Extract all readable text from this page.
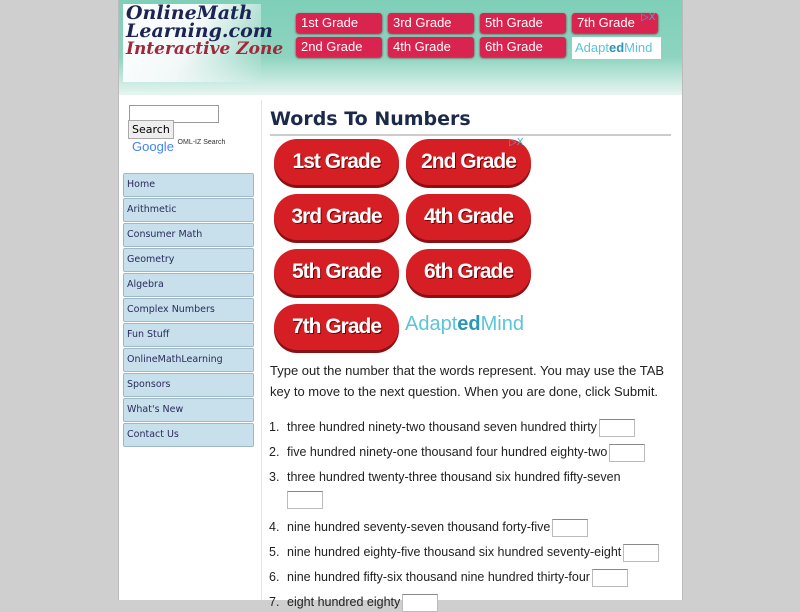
OnlineMath
Learning.com
Interactive Zone
1st Grade	3rd Grade	5th Grade	7th Grade
2nd Grade	4th Grade	6th Grade	AdaptedMind
▷X
Search
Google $^{OML-IZ Search}$
Home
Arithmetic
Consumer Math
Geometry
Algebra
Complex Numbers
Fun Stuff
OnlineMathLearning
Sponsors
What's New
Contact Us
Words To Numbers
1st Grade	2nd Grade
3rd Grade	4th Grade
5th Grade	6th Grade
7th Grade	AdaptedMind
▷X
Type out the number that the words represent. You may use the TAB key to move to the next question. When you are done, click Submit.
1. three hundred ninety-two thousand seven hundred thirty
2. five hundred ninety-one thousand four hundred eighty-two
3. three hundred twenty-three thousand six hundred fifty-seven
4. nine hundred seventy-seven thousand forty-five
5. nine hundred eighty-five thousand six hundred seventy-eight
6. nine hundred fifty-six thousand nine hundred thirty-four
7. eight hundred eighty
